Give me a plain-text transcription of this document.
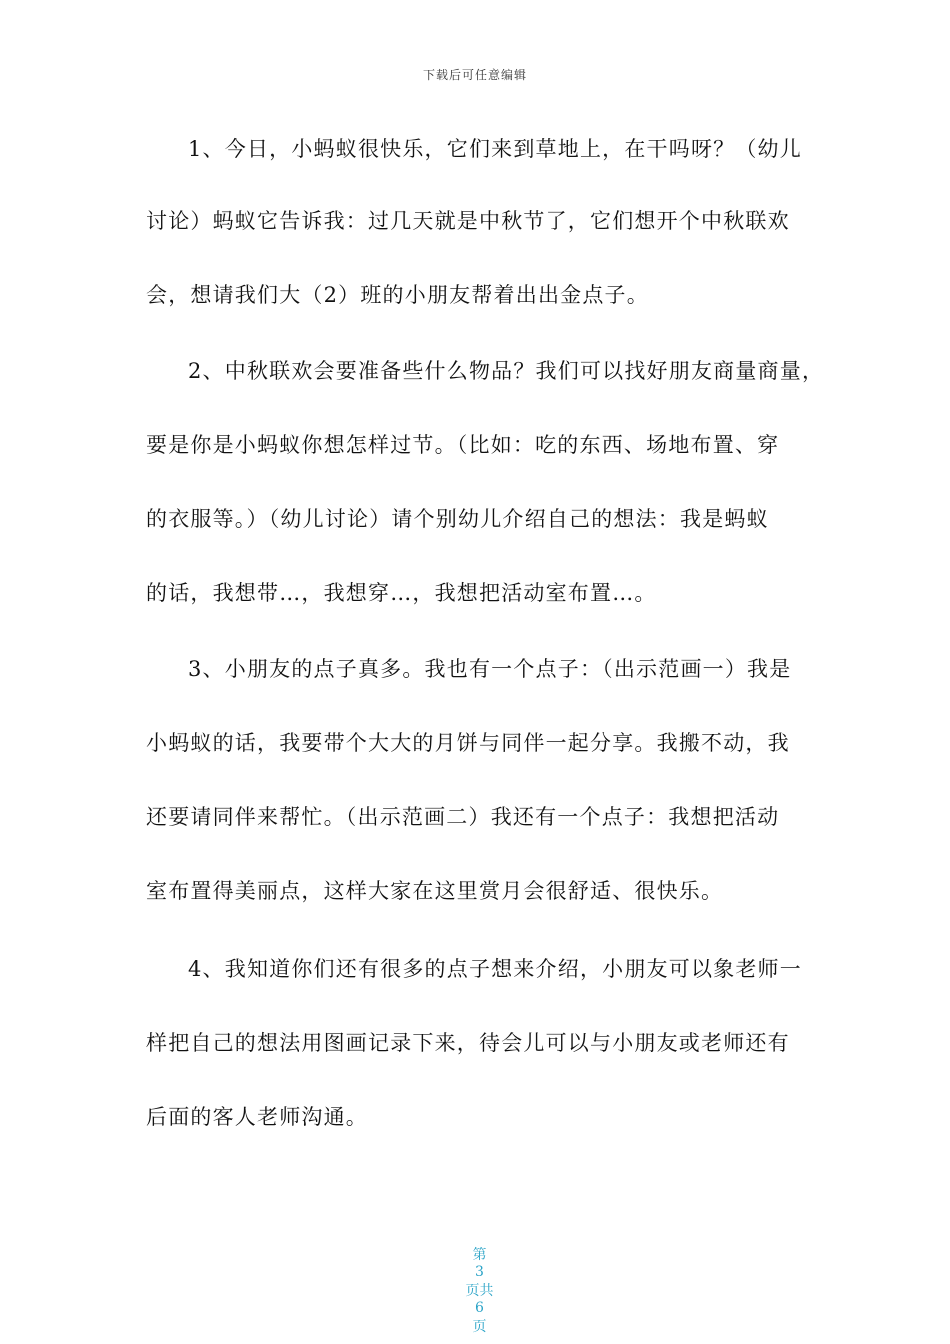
下载后可任意编辑
1、今日，小蚂蚁很快乐，它们来到草地上，在干吗呀？（幼儿
讨论）蚂蚁它告诉我：过几天就是中秋节了，它们想开个中秋联欢
会，想请我们大（2）班的小朋友帮着出出金点子。
2、中秋联欢会要准备些什么物品？我们可以找好朋友商量商量，
要是你是小蚂蚁你想怎样过节。（比如：吃的东西、场地布置、穿
的衣服等。）（幼儿讨论）请个别幼儿介绍自己的想法：我是蚂蚁
的话，我想带…，我想穿…，我想把活动室布置…。
3、小朋友的点子真多。我也有一个点子：（出示范画一）我是
小蚂蚁的话，我要带个大大的月饼与同伴一起分享。我搬不动，我
还要请同伴来帮忙。（出示范画二）我还有一个点子：我想把活动
室布置得美丽点，这样大家在这里赏月会很舒适、很快乐。
4、我知道你们还有很多的点子想来介绍，小朋友可以象老师一
样把自己的想法用图画记录下来，待会儿可以与小朋友或老师还有
后面的客人老师沟通。

第
3
页共
6
页
